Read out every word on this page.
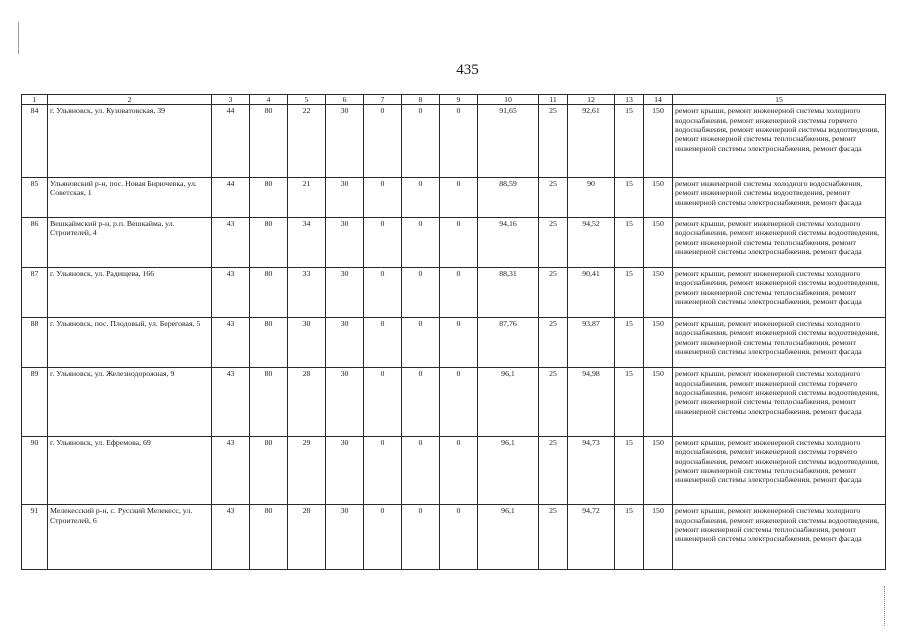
435
1	2	3	4	5	6	7	8	9	10	11	12	13	14	15
84	г. Ульяновск, ул. Кузоватовская, 39	44	80	22	30	0	0	0	91,65	25	92,61	15	150	ремонт крыши, ремонт инженерной системы холодного водоснабжения, ремонт инженерной системы горячего водоснабжения, ремонт инженерной системы водоотведения, ремонт инженерной системы теплоснабжения, ремонт инженерной системы электроснабжения, ремонт фасада
85	Ульяновский р-н, пос. Новая Бирючевка, ул. Советская, 1	44	80	21	30	0	0	0	88,59	25	90	15	150	ремонт инженерной системы холодного водоснабжения, ремонт инженерной системы водоотведения, ремонт инженерной системы электроснабжения, ремонт фасада
86	Вешкаймский р-н, р.п. Вешкайма, ул. Строителей, 4	43	80	34	30	0	0	0	94,16	25	94,52	15	150	ремонт крыши, ремонт инженерной системы холодного водоснабжения, ремонт инженерной системы водоотведения, ремонт инженерной системы теплоснабжения, ремонт инженерной системы электроснабжения, ремонт фасада
87	г. Ульяновск, ул. Радищева, 166	43	80	33	30	0	0	0	88,31	25	90,41	15	150	ремонт крыши, ремонт инженерной системы холодного водоснабжения, ремонт инженерной системы водоотведения, ремонт инженерной системы теплоснабжения, ремонт инженерной системы электроснабжения, ремонт фасада
88	г. Ульяновск, пос. Плодовый, ул. Береговая, 5	43	80	30	30	0	0	0	87,76	25	93,87	15	150	ремонт крыши, ремонт инженерной системы холодного водоснабжения, ремонт инженерной системы водоотведения, ремонт инженерной системы теплоснабжения, ремонт инженерной системы электроснабжения, ремонт фасада
89	г. Ульяновск, ул. Железнодорожная, 9	43	80	28	30	0	0	0	96,1	25	94,98	15	150	ремонт крыши, ремонт инженерной системы холодного водоснабжения, ремонт инженерной системы горячего водоснабжения, ремонт инженерной системы водоотведения, ремонт инженерной системы теплоснабжения, ремонт инженерной системы электроснабжения, ремонт фасада
90	г. Ульяновск, ул. Ефремова, 69	43	80	29	30	0	0	0	96,1	25	94,73	15	150	ремонт крыши, ремонт инженерной системы холодного водоснабжения, ремонт инженерной системы горячего водоснабжения, ремонт инженерной системы водоотведения, ремонт инженерной системы теплоснабжения, ремонт инженерной системы электроснабжения, ремонт фасада
91	Мелекесский р-н, с. Русский Мелекесс, ул. Строителей, 6	43	80	28	30	0	0	0	96,1	25	94,72	15	150	ремонт крыши, ремонт инженерной системы холодного водоснабжения, ремонт инженерной системы водоотведения, ремонт инженерной системы теплоснабжения, ремонт инженерной системы электроснабжения, ремонт фасада
